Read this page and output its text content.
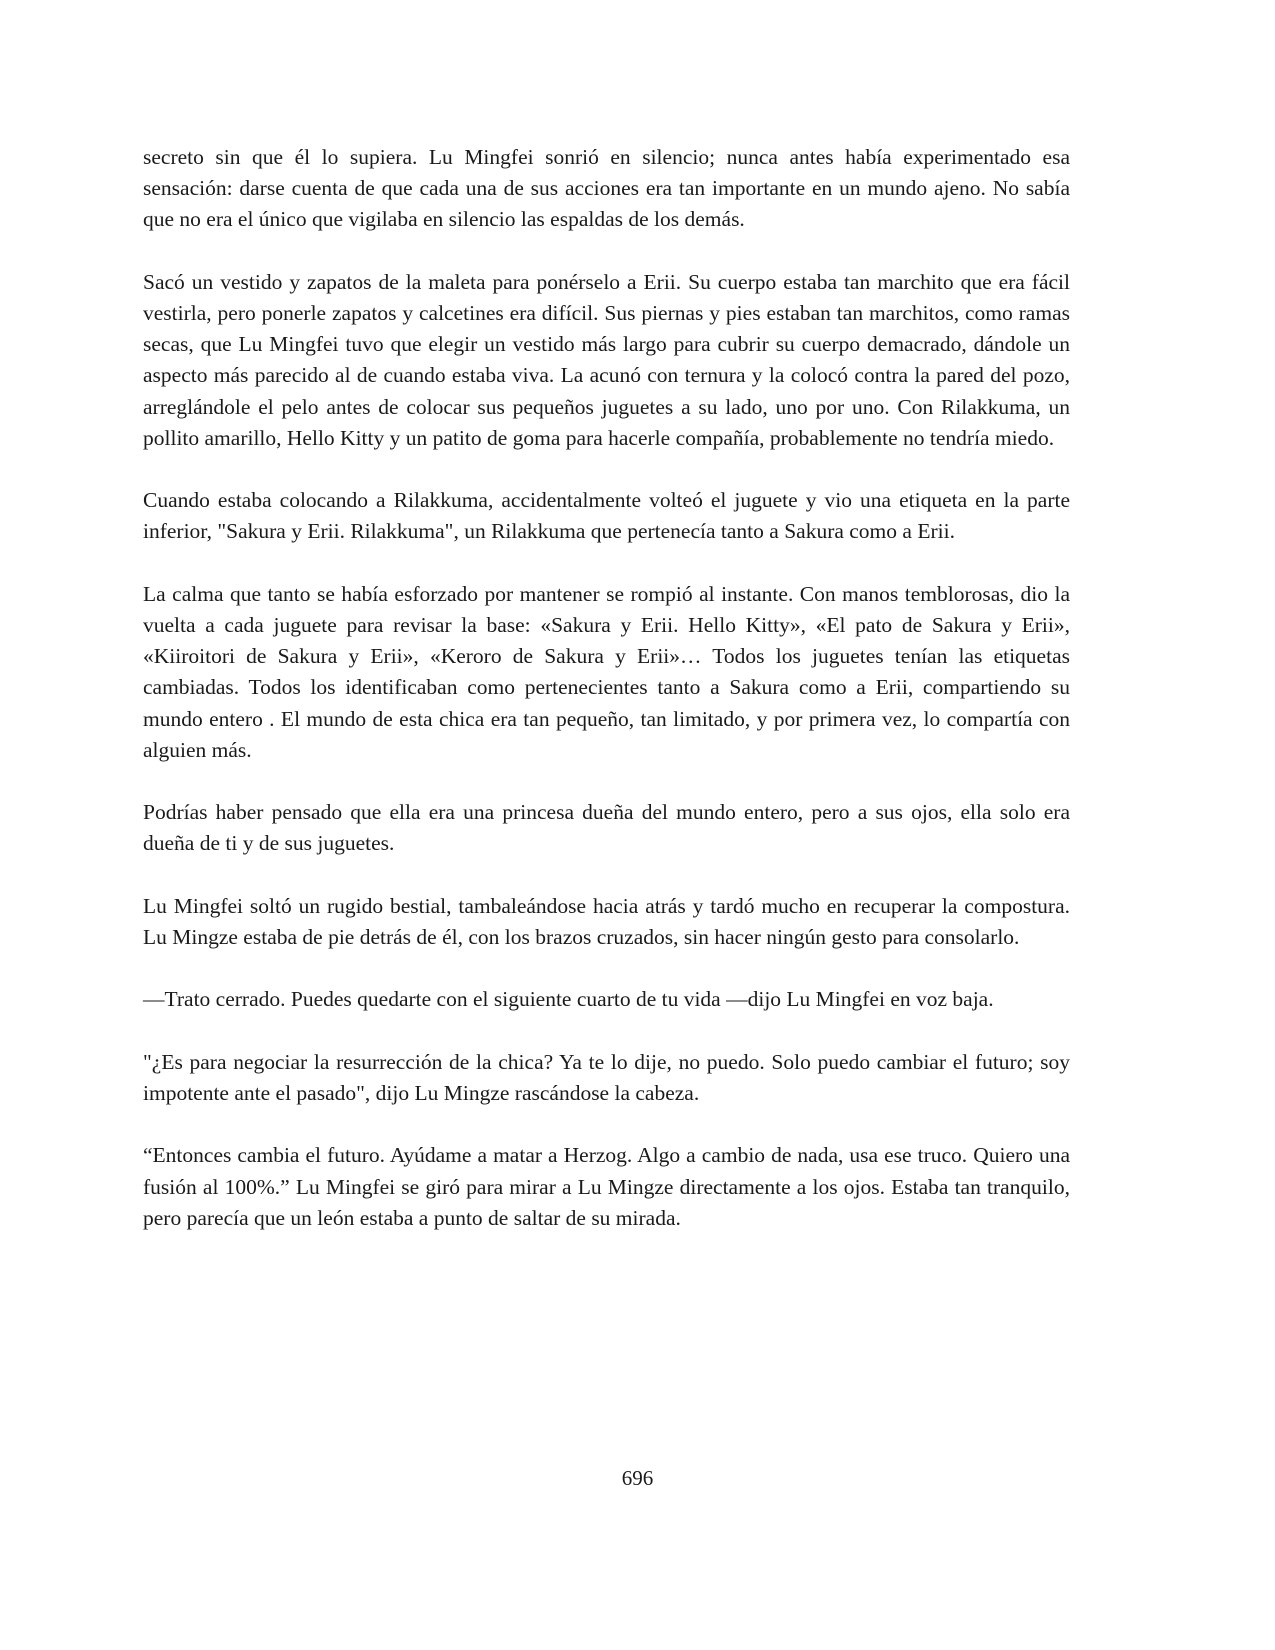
secreto sin que él lo supiera. Lu Mingfei sonrió en silencio; nunca antes había experimentado esa sensación: darse cuenta de que cada una de sus acciones era tan importante en un mundo ajeno. No sabía que no era el único que vigilaba en silencio las espaldas de los demás.

Sacó un vestido y zapatos de la maleta para ponérselo a Erii. Su cuerpo estaba tan marchito que era fácil vestirla, pero ponerle zapatos y calcetines era difícil. Sus piernas y pies estaban tan marchitos, como ramas secas, que Lu Mingfei tuvo que elegir un vestido más largo para cubrir su cuerpo demacrado, dándole un aspecto más parecido al de cuando estaba viva. La acunó con ternura y la colocó contra la pared del pozo, arreglándole el pelo antes de colocar sus pequeños juguetes a su lado, uno por uno. Con Rilakkuma, un pollito amarillo, Hello Kitty y un patito de goma para hacerle compañía, probablemente no tendría miedo.

Cuando estaba colocando a Rilakkuma, accidentalmente volteó el juguete y vio una etiqueta en la parte inferior, "Sakura y Erii. Rilakkuma", un Rilakkuma que pertenecía tanto a Sakura como a Erii.

La calma que tanto se había esforzado por mantener se rompió al instante. Con manos temblorosas, dio la vuelta a cada juguete para revisar la base: «Sakura y Erii. Hello Kitty», «El pato de Sakura y Erii», «Kiiroitori de Sakura y Erii», «Keroro de Sakura y Erii»… Todos los juguetes tenían las etiquetas cambiadas. Todos los identificaban como pertenecientes tanto a Sakura como a Erii, compartiendo su mundo entero . El mundo de esta chica era tan pequeño, tan limitado, y por primera vez, lo compartía con alguien más.

Podrías haber pensado que ella era una princesa dueña del mundo entero, pero a sus ojos, ella solo era dueña de ti y de sus juguetes.

Lu Mingfei soltó un rugido bestial, tambaleándose hacia atrás y tardó mucho en recuperar la compostura. Lu Mingze estaba de pie detrás de él, con los brazos cruzados, sin hacer ningún gesto para consolarlo.

—Trato cerrado. Puedes quedarte con el siguiente cuarto de tu vida —dijo Lu Mingfei en voz baja.

"¿Es para negociar la resurrección de la chica? Ya te lo dije, no puedo. Solo puedo cambiar el futuro; soy impotente ante el pasado", dijo Lu Mingze rascándose la cabeza.

“Entonces cambia el futuro. Ayúdame a matar a Herzog. Algo a cambio de nada, usa ese truco. Quiero una fusión al 100%.” Lu Mingfei se giró para mirar a Lu Mingze directamente a los ojos. Estaba tan tranquilo, pero parecía que un león estaba a punto de saltar de su mirada.

696
